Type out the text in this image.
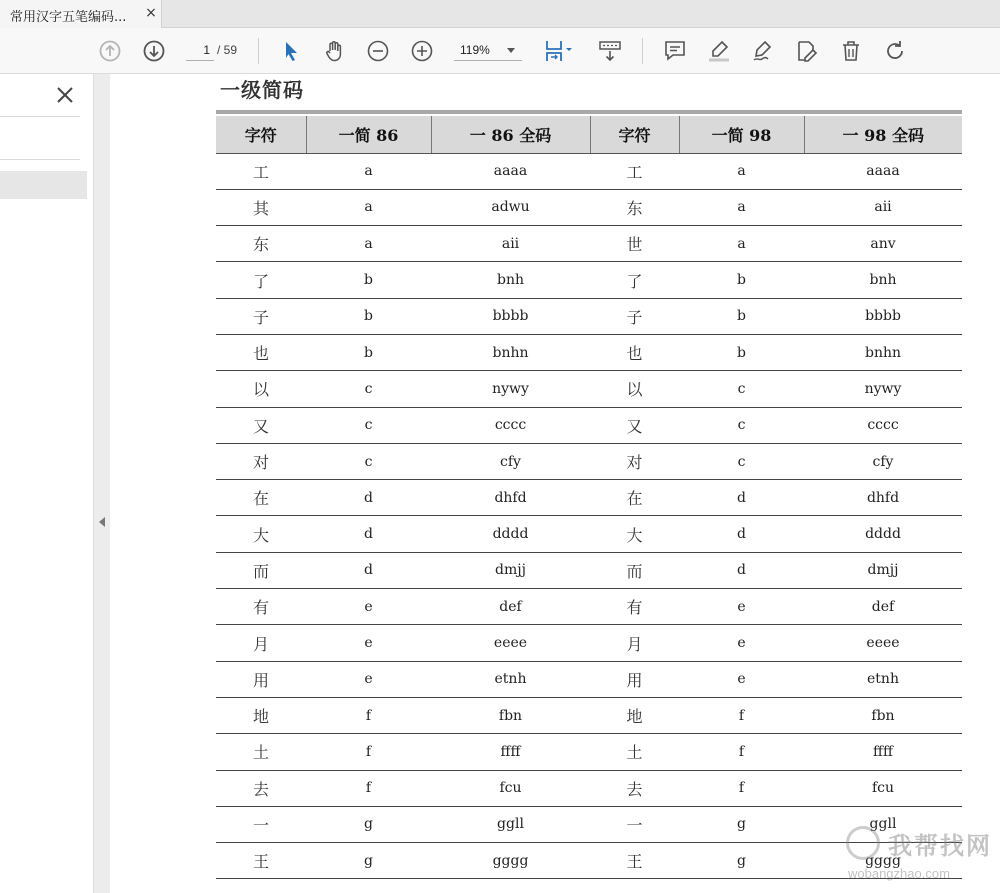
常用汉字五笔编码...	×
1
/ 59	119%
一级简码
字符	一简 86	一 86 全码	字符	一简 98	一 98 全码
工	a	aaaa	工	a	aaaa
其	a	adwu	东	a	aii
东	a	aii	世	a	anv
了	b	bnh	了	b	bnh
子	b	bbbb	子	b	bbbb
也	b	bnhn	也	b	bnhn
以	c	nywy	以	c	nywy
又	c	cccc	又	c	cccc
对	c	cfy	对	c	cfy
在	d	dhfd	在	d	dhfd
大	d	dddd	大	d	dddd
而	d	dmjj	而	d	dmjj
有	e	def	有	e	def
月	e	eeee	月	e	eeee
用	e	etnh	用	e	etnh
地	f	fbn	地	f	fbn
土	f	ffff	土	f	ffff
去	f	fcu	去	f	fcu
一	g	ggll	一	g	ggll
王	g	gggg	王	g	gggg
我帮找网
wobangzhao.com
